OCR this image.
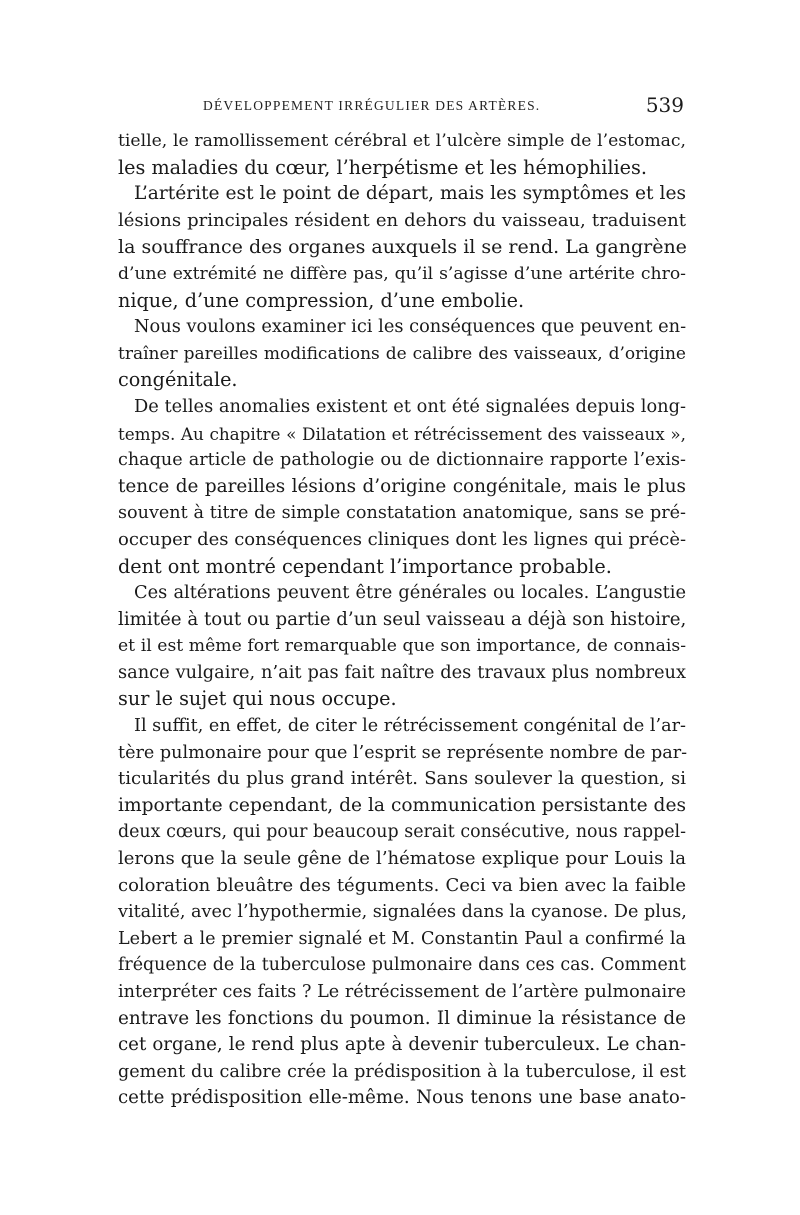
DÉVELOPPEMENT IRRÉGULIER DES ARTÈRES.	539
tielle, le ramollissement cérébral et l’ulcère simple de l’estomac,
les maladies du cœur, l’herpétisme et les hémophilies.
L’artérite est le point de départ, mais les symptômes et les
lésions principales résident en dehors du vaisseau, traduisent
la souffrance des organes auxquels il se rend. La gangrène
d’une extrémité ne diffère pas, qu’il s’agisse d’une artérite chro-
nique, d’une compression, d’une embolie.
Nous voulons examiner ici les conséquences que peuvent en-
traîner pareilles modifications de calibre des vaisseaux, d’origine
congénitale.
De telles anomalies existent et ont été signalées depuis long-
temps. Au chapitre « Dilatation et rétrécissement des vaisseaux »,
chaque article de pathologie ou de dictionnaire rapporte l’exis-
tence de pareilles lésions d’origine congénitale, mais le plus
souvent à titre de simple constatation anatomique, sans se pré-
occuper des conséquences cliniques dont les lignes qui précè-
dent ont montré cependant l’importance probable.
Ces altérations peuvent être générales ou locales. L’angustie
limitée à tout ou partie d’un seul vaisseau a déjà son histoire,
et il est même fort remarquable que son importance, de connais-
sance vulgaire, n’ait pas fait naître des travaux plus nombreux
sur le sujet qui nous occupe.
Il suffit, en effet, de citer le rétrécissement congénital de l’ar-
tère pulmonaire pour que l’esprit se représente nombre de par-
ticularités du plus grand intérêt. Sans soulever la question, si
importante cependant, de la communication persistante des
deux cœurs, qui pour beaucoup serait consécutive, nous rappel-
lerons que la seule gêne de l’hématose explique pour Louis la
coloration bleuâtre des téguments. Ceci va bien avec la faible
vitalité, avec l’hypothermie, signalées dans la cyanose. De plus,
Lebert a le premier signalé et M. Constantin Paul a confirmé la
fréquence de la tuberculose pulmonaire dans ces cas. Comment
interpréter ces faits ? Le rétrécissement de l’artère pulmonaire
entrave les fonctions du poumon. Il diminue la résistance de
cet organe, le rend plus apte à devenir tuberculeux. Le chan-
gement du calibre crée la prédisposition à la tuberculose, il est
cette prédisposition elle-même. Nous tenons une base anato-
